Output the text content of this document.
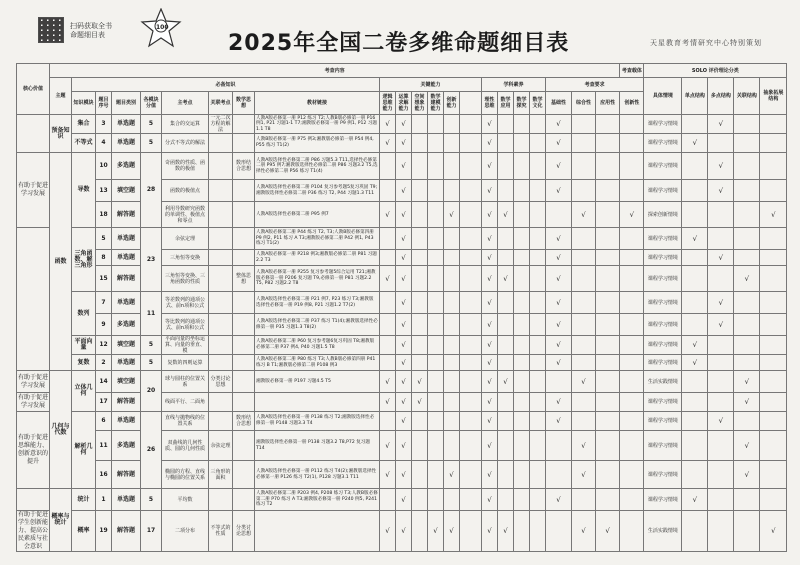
扫码获取全书
命题细目表
100
2025年全国二卷多维命题细目表	天星教育考情研究中心特别策划
核心价值	考查内容																						考查载体	SOLO 评价理论分类				
	主题	必备知识								关键能力						学科素养				考查要求				具体情境	单点结构	多点结构	关联结构	抽象拓展结构
		知识模块	题目序号	题目类别	各模块分值	主考点	关联考点	数学思想	教材链接	逻辑思维能力	运算求解能力	空间想象能力	数学建模能力	创新能力		理性思维	数学应用	数学探究	数学文化	基础性	综合性	应用性	创新性					
	预备知识	集合	3	单选题	5	集合的交运算	一元二次方程的解法		人教A版必修第一册 P12 练习 T2;人教B版必修第一册 P16 例1, P21 习题1-1 T7;湘教版必修第一册 P9 例1, P12 习题1.1 T8	√	√					√				√				课程学习情境		√		
		不等式	4	单选题	5	分式不等式的解法			人教B版必修第一册 P75 例3;湘教版必修第一册 P54 例4, P55 练习 T1(2)	√	√					√				√				课程学习情境	√			
有助于促进学习发展	函数	导数	10	多选题	28	奇函数的性质、函数的极值		数形结合思想	人教A版选择性必修第二册 P86 习题5.3 T11,选择性必修第二册 P95 例7;湘教版选择性必修第二册 P86 习题3.2 T5,选择性必修第二册 P56 练习 T1(4)		√					√				√				课程学习情境		√		
			13	填空题		函数的极值点			人教A版选择性必修第二册 P104 复习参考题5复习巩固 T9;湘教版选择性必修第二册 P36 练习 T2, P44 习题1.3 T11		√					√				√				课程学习情境		√		
			18	解答题		利用导数研究函数的单调性、极值点和零点			人教A版选择性必修第二册 P95 例7	√	√			√		√	√				√		√	探索创新情境				√
		三角函数、解三角形	5	单选题	23	余弦定理			人教A版必修第二册 P44 练习 T2, T3;人教B版必修第四册 P9 例2, P11 练习 A T3;湘教版必修第二册 P42 例1, P43 练习 T1(2)		√					√				√				课程学习情境	√			
			8	单选题		三角恒等变换			人教A版必修第一册 P218 例3;湘教版必修第二册 P81 习题2.2 T3		√					√				√				课程学习情境		√		
			15	解答题		三角恒等变换、三角函数的性质		整体思想	人教A版必修第一册 P255 复习参考题5综合运用 T21;湘教版必修第一册 P206 复习题 T9,必修第一册 P81 习题2.2 T5, P82 习题2.2 T8	√	√					√	√			√				课程学习情境			√	
		数列	7	单选题	11	等差数列的通项公式、前n项和公式			人教A版选择性必修第二册 P21 例7, P23 练习 T3;湘教版选择性必修第一册 P19 例8, P21 习题1.2 T7(2)		√					√				√				课程学习情境		√		
			9	多选题		等比数列的通项公式、前n项和公式			人教A版选择性必修第二册 P37 练习 T1(4);湘教版选择性必修第一册 P35 习题1.3 T8(2)		√					√				√				课程学习情境		√		
		平面向量	12	填空题	5	平面向量的坐标运算、向量的垂直、模			人教A版必修第二册 P60 复习参考题6复习巩固 T8;湘教版必修第二册 P37 例4, P40 习题1.5 T8		√					√				√				课程学习情境	√			
		复数	2	单选题	5	复数的四则运算			人教A版必修第二册 P80 练习 T3;人教B版必修第四册 P41 练习 B T1;湘教版必修第二册 P108 例3		√					√				√				课程学习情境	√			
有助于促进学习发展	几何与代数	立体几何	14	填空题	20	球与圆柱的位置关系	分类讨论思想		湘教版必修第一册 P197 习题4.5 T5	√	√	√				√	√				√			生活实践情境			√	
有助于促进学习发展			17	解答题		线面平行、二面角				√	√	√				√				√				课程学习情境			√	
有助于促进思维能力、创新意识的提升		解析几何	6	单选题	26	直线与抛物线的位置关系		数形结合思想	人教A版选择性必修第一册 P138 练习 T2;湘教版选择性必修第一册 P148 习题3.3 T4		√					√				√				课程学习情境		√		
			11	多选题		双曲线的几何性质、圆的几何性质	余弦定理		湘教版选择性必修第一册 P138 习题3.2 T8,P72 复习题 T14	√	√					√					√			课程学习情境			√	
			16	解答题		椭圆的方程、直线与椭圆的位置关系	三角形的面积		人教A版选择性必修第一册 P112 练习 T4(2);湘教版选择性必修第一册 P126 练习 T2(1), P128 习题3.1 T11	√	√			√		√					√			课程学习情境			√	
	概率与统计	统计	1	单选题	5	平均数			人教A版必修第二册 P203 例4, P208 练习 T3;人教B版必修第二册 P70 练习 A T3;湘教版必修第一册 P240 例5, P241 练习 T2		√					√				√				课程学习情境	√			
有助于促进学生创新能力、提高公民素质与社会意识		概率	19	解答题	17	二项分布	不等式的性质	分类讨论思想		√	√		√	√		√	√				√	√		生活实践情境				√
